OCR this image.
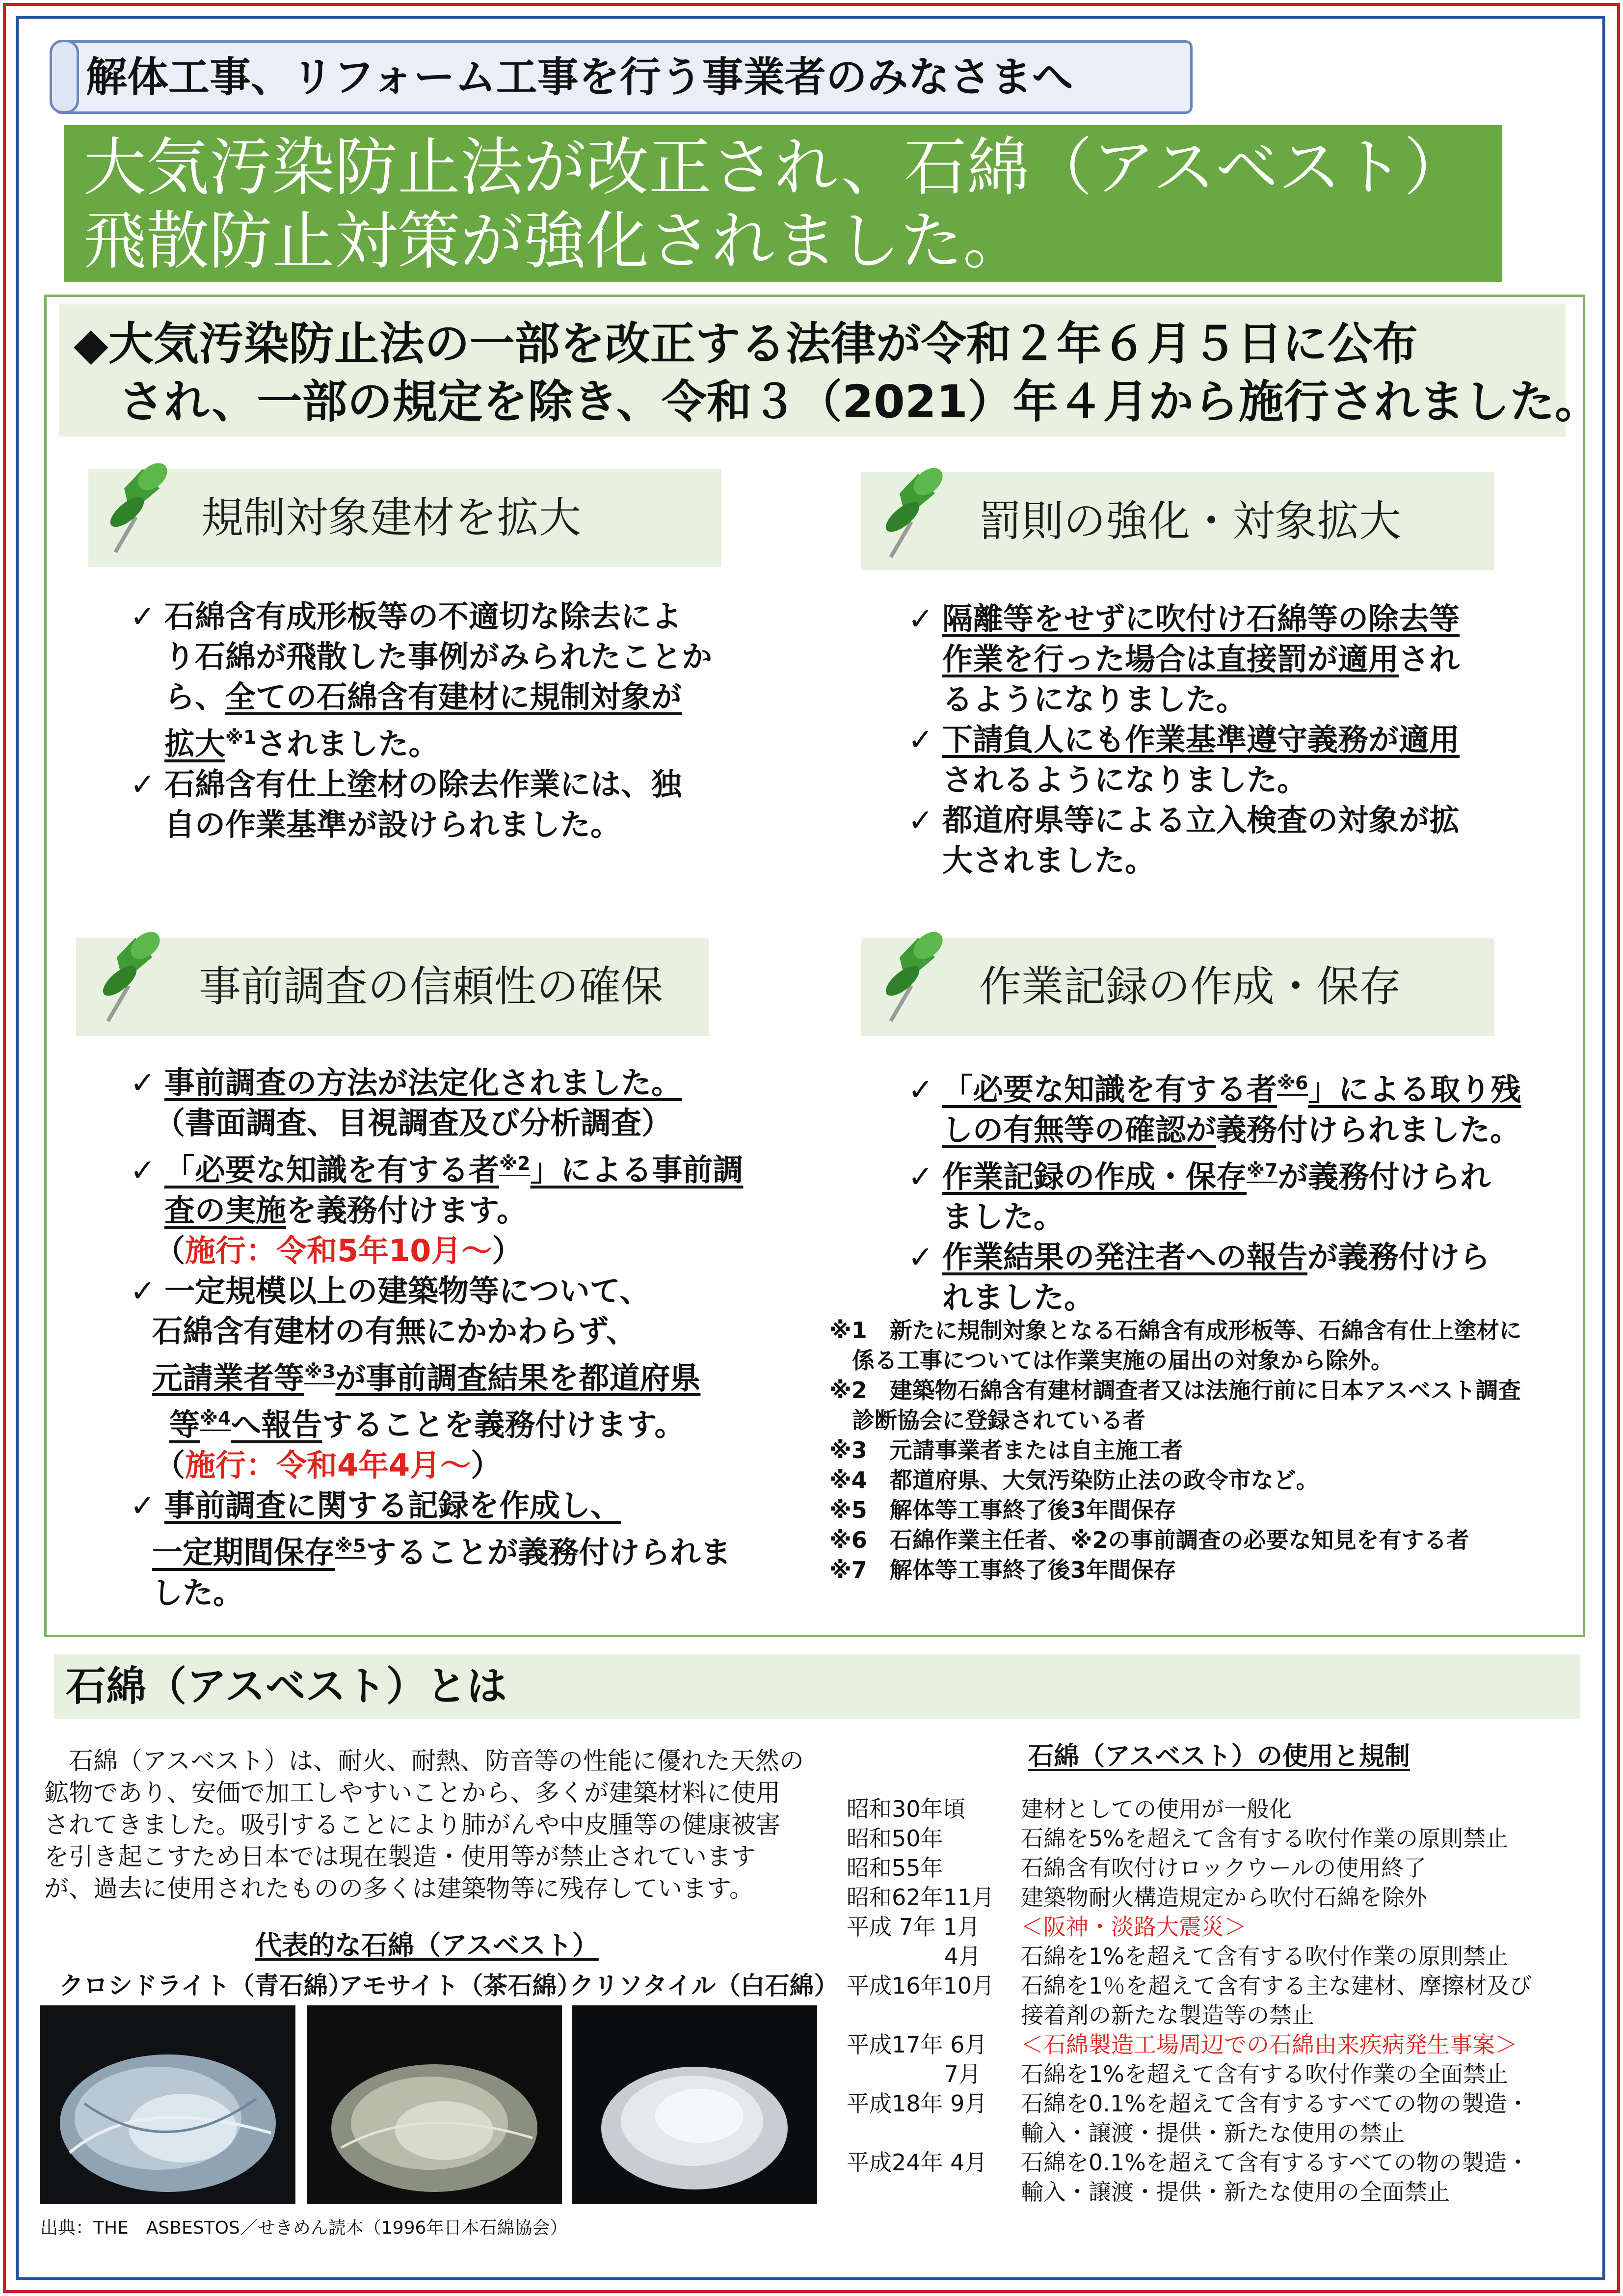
解体工事、リフォーム工事を行う事業者のみなさまへ
大気汚染防止法が改正され、石綿（アスベスト）
飛散防止対策が強化されました。
◆大気汚染防止法の一部を改正する法律が令和２年６月５日に公布
　され、一部の規定を除き、令和３（2021）年４月から施行されました。
規制対象建材を拡大
✓ 石綿含有成形板等の不適切な除去によ
り石綿が飛散した事例がみられたことか
ら、全ての石綿含有建材に規制対象が
拡大$^{※1}$されました。
✓ 石綿含有仕上塗材の除去作業には、独
自の作業基準が設けられました。
罰則の強化・対象拡大
✓ 隔離等をせずに吹付け石綿等の除去等
作業を行った場合は直接罰が適用され
るようになりました。
✓ 下請負人にも作業基準遵守義務が適用
されるようになりました。
✓ 都道府県等による立入検査の対象が拡
大されました。
事前調査の信頼性の確保
✓ 事前調査の方法が法定化されました。
（書面調査、目視調査及び分析調査）
✓ 「必要な知識を有する者$^{※2}$」による事前調
査の実施を義務付けます。
（施行：令和5年10月～）
✓ 一定規模以上の建築物等について、
石綿含有建材の有無にかかわらず、
元請業者等$^{※3}$が事前調査結果を都道府県
等$^{※4}$へ報告することを義務付けます。
（施行：令和4年4月～）
✓ 事前調査に関する記録を作成し、
一定期間保存$^{※5}$することが義務付けられま
した。
作業記録の作成・保存
✓ 「必要な知識を有する者$^{※6}$」による取り残
しの有無等の確認が義務付けられました。
✓ 作業記録の作成・保存$^{※7}$が義務付けられ
ました。
✓ 作業結果の発注者への報告が義務付けら
れました。
※1　新たに規制対象となる石綿含有成形板等、石綿含有仕上塗材に
　係る工事については作業実施の届出の対象から除外。
※2　建築物石綿含有建材調査者又は法施行前に日本アスベスト調査
　診断協会に登録されている者
※3　元請事業者または自主施工者
※4　都道府県、大気汚染防止法の政令市など。
※5　解体等工事終了後3年間保存
※6　石綿作業主任者、※2の事前調査の必要な知見を有する者
※7　解体等工事終了後3年間保存
石綿（アスベスト）とは
　石綿（アスベスト）は、耐火、耐熱、防音等の性能に優れた天然の
鉱物であり、安価で加工しやすいことから、多くが建築材料に使用
されてきました。吸引することにより肺がんや中皮腫等の健康被害
を引き起こすため日本では現在製造・使用等が禁止されています
が、過去に使用されたものの多くは建築物等に残存しています。
代表的な石綿（アスベスト）
クロシドライト（青石綿）
アモサイト（茶石綿）
クリソタイル（白石綿）
出典：THE　ASBESTOS／せきめん読本（1996年日本石綿協会）
石綿（アスベスト）の使用と規制
昭和30年頃 建材としての使用が一般化
昭和50年	石綿を5%を超えて含有する吹付作業の原則禁止
昭和55年	石綿含有吹付けロックウールの使用終了
昭和62年11月 建築物耐火構造規定から吹付石綿を除外
平成 7年 1月 ＜阪神・淡路大震災＞
　　　　 4月 石綿を1%を超えて含有する吹付作業の原則禁止
平成16年10月 石綿を1％を超えて含有する主な建材、摩擦材及び
接着剤の新たな製造等の禁止
平成17年 6月 ＜石綿製造工場周辺での石綿由来疾病発生事案＞
　　　　 7月 石綿を1%を超えて含有する吹付作業の全面禁止
平成18年 9月 石綿を0.1%を超えて含有するすべての物の製造・
輸入・譲渡・提供・新たな使用の禁止
平成24年 4月 石綿を0.1%を超えて含有するすべての物の製造・
輸入・譲渡・提供・新たな使用の全面禁止
